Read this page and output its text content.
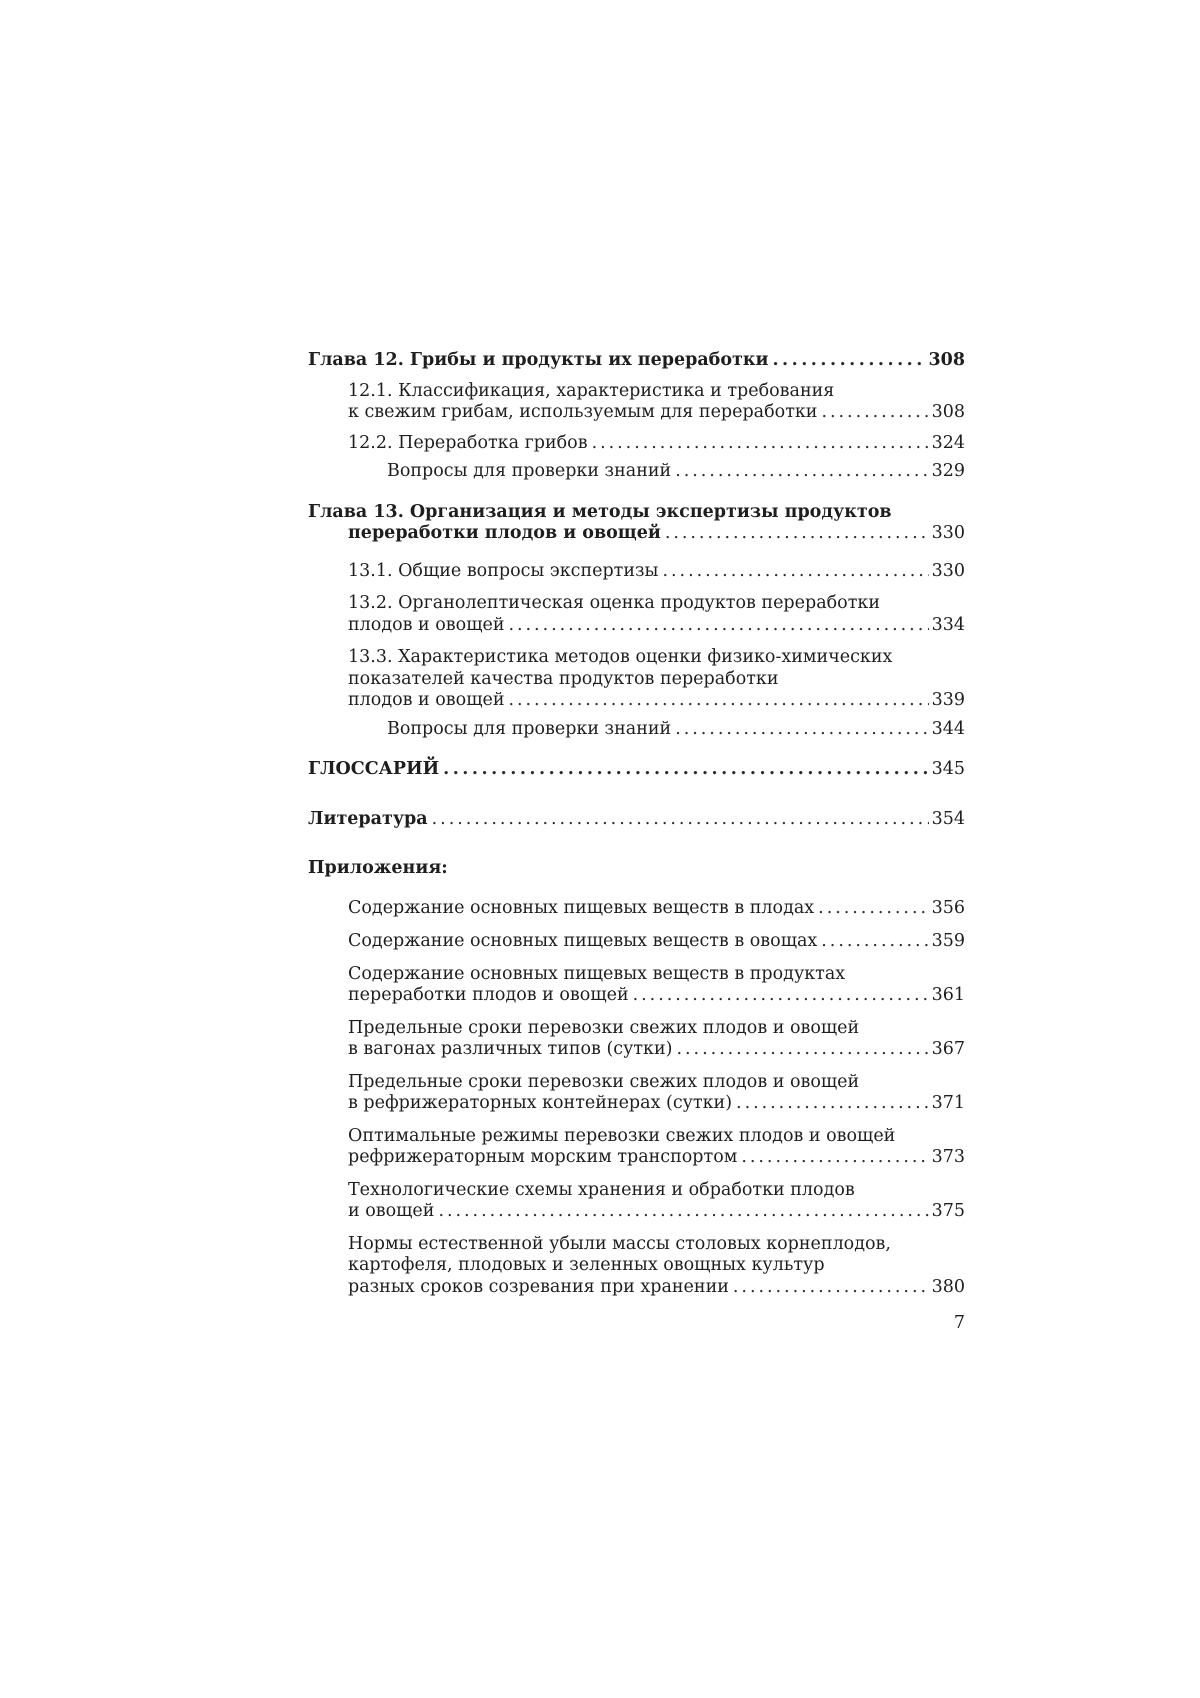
Глава 12. Грибы и продукты их переработки . . .	308
12.1. Классификация, характеристика и требования
к свежим грибам, используемым для переработки . . .	308
12.2. Переработка грибов . . .	324
Вопросы для проверки знаний . . .	329
Глава 13. Организация и методы экспертизы продуктов
переработки плодов и овощей . . .	330
13.1. Общие вопросы экспертизы . . .	330
13.2. Органолептическая оценка продуктов переработки
плодов и овощей . . .	334
13.3. Характеристика методов оценки физико-химических
показателей качества продуктов переработки
плодов и овощей . . .	339
Вопросы для проверки знаний . . .	344
ГЛОССАРИЙ . . .	345
Литература . . .	354
Приложения:
Содержание основных пищевых веществ в плодах . . .	356
Содержание основных пищевых веществ в овощах . . .	359
Содержание основных пищевых веществ в продуктах
переработки плодов и овощей . . .	361
Предельные сроки перевозки свежих плодов и овощей
в вагонах различных типов (сутки) . . .	367
Предельные сроки перевозки свежих плодов и овощей
в рефрижераторных контейнерах (сутки) . . .	371
Оптимальные режимы перевозки свежих плодов и овощей
рефрижераторным морским транспортом . . .	373
Технологические схемы хранения и обработки плодов
и овощей . . .	375
Нормы естественной убыли массы столовых корнеплодов,
картофеля, плодовых и зеленных овощных культур
разных сроков созревания при хранении . . .	380
7
